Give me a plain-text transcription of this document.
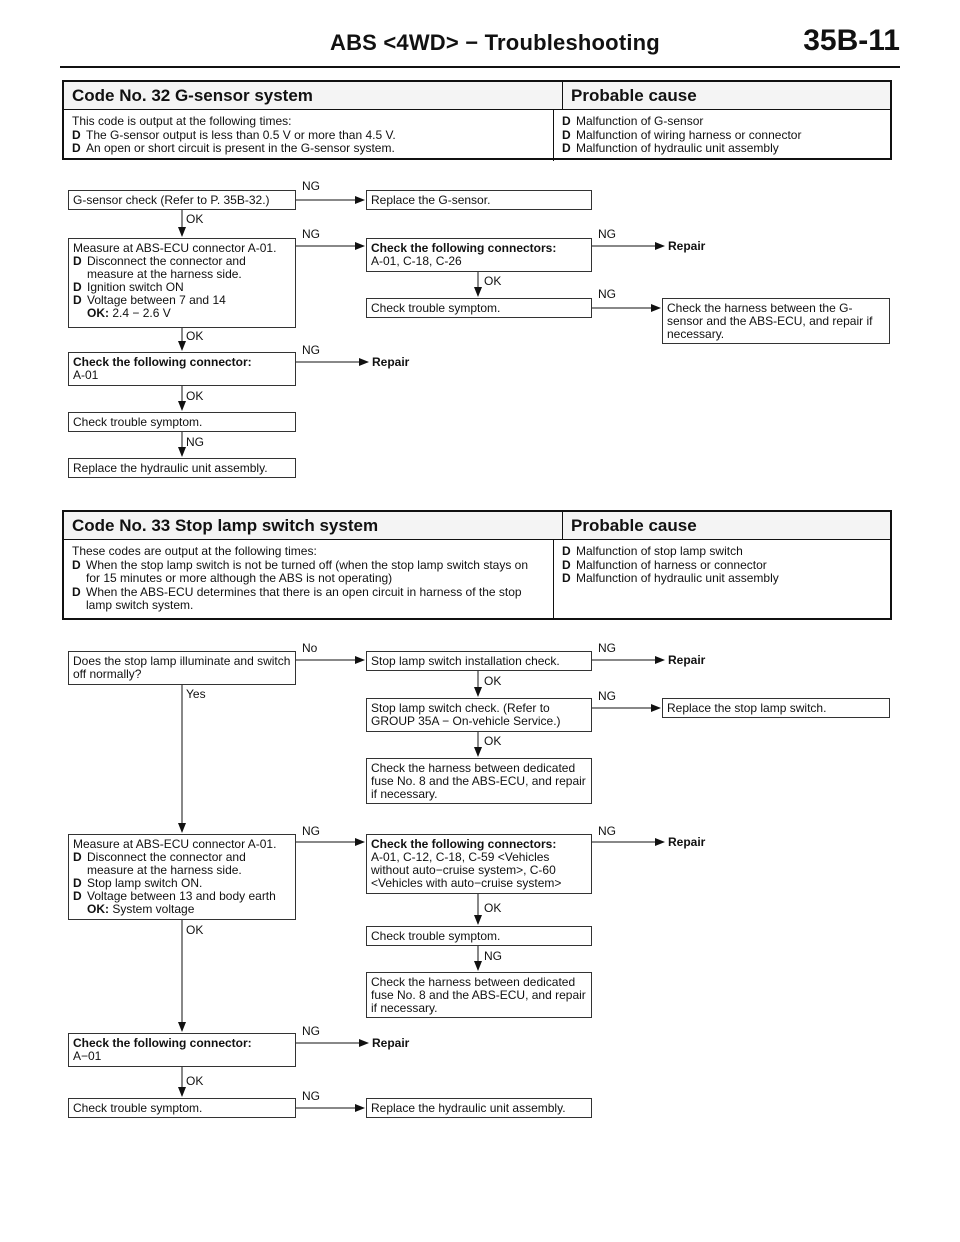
ABS <4WD> − Troubleshooting	35B-11
Code No. 32 G-sensor system	Probable cause
This code is output at the following times:
D The G-sensor output is less than 0.5 V or more than 4.5 V.
D An open or short circuit is present in the G-sensor system.
D Malfunction of G-sensor
D Malfunction of wiring harness or connector
D Malfunction of hydraulic unit assembly
G-sensor check (Refer to P. 35B-32.)	Replace the G-sensor.
Measure at ABS-ECU connector A-01.
D Disconnect the connector and measure at the harness side.
D Ignition switch ON
D Voltage between 7 and 14
OK: 2.4 − 2.6 V
Check the following connectors:
A-01, C-18, C-26
Check trouble symptom.	Check the harness between the G-sensor and the ABS-ECU, and repair if necessary.
Check the following connector:
A-01
Check trouble symptom.
Replace the hydraulic unit assembly.
NG
OK
NG	NG
Repair
OK
NG
OK
NG
Repair
OK
NG
Code No. 33 Stop lamp switch system	Probable cause
These codes are output at the following times:
D When the stop lamp switch is not be turned off (when the stop lamp switch stays on for 15 minutes or more although the ABS is not operating)
D When the ABS-ECU determines that there is an open circuit in harness of the stop lamp switch system.
D Malfunction of stop lamp switch
D Malfunction of harness or connector
D Malfunction of hydraulic unit assembly
Does the stop lamp illuminate and switch off normally?
Stop lamp switch installation check.
Stop lamp switch check. (Refer to GROUP 35A − On-vehicle Service.)
Replace the stop lamp switch.
Check the harness between dedicated fuse No. 8 and the ABS-ECU, and repair if necessary.
Measure at ABS-ECU connector A-01.
D Disconnect the connector and measure at the harness side.
D Stop lamp switch ON.
D Voltage between 13 and body earth
OK: System voltage
Check the following connectors:
A-01, C-12, C-18, C-59 <Vehicles without auto−cruise system>, C-60 <Vehicles with auto−cruise system>
Check trouble symptom.
Check the harness between dedicated fuse No. 8 and the ABS-ECU, and repair if necessary.
Check the following connector:
A−01
Check trouble symptom.	Replace the hydraulic unit assembly.
No	NG
Repair
OK
Yes	NG
OK
NG	NG
Repair
OK
OK
NG
NG
Repair
OK
NG
